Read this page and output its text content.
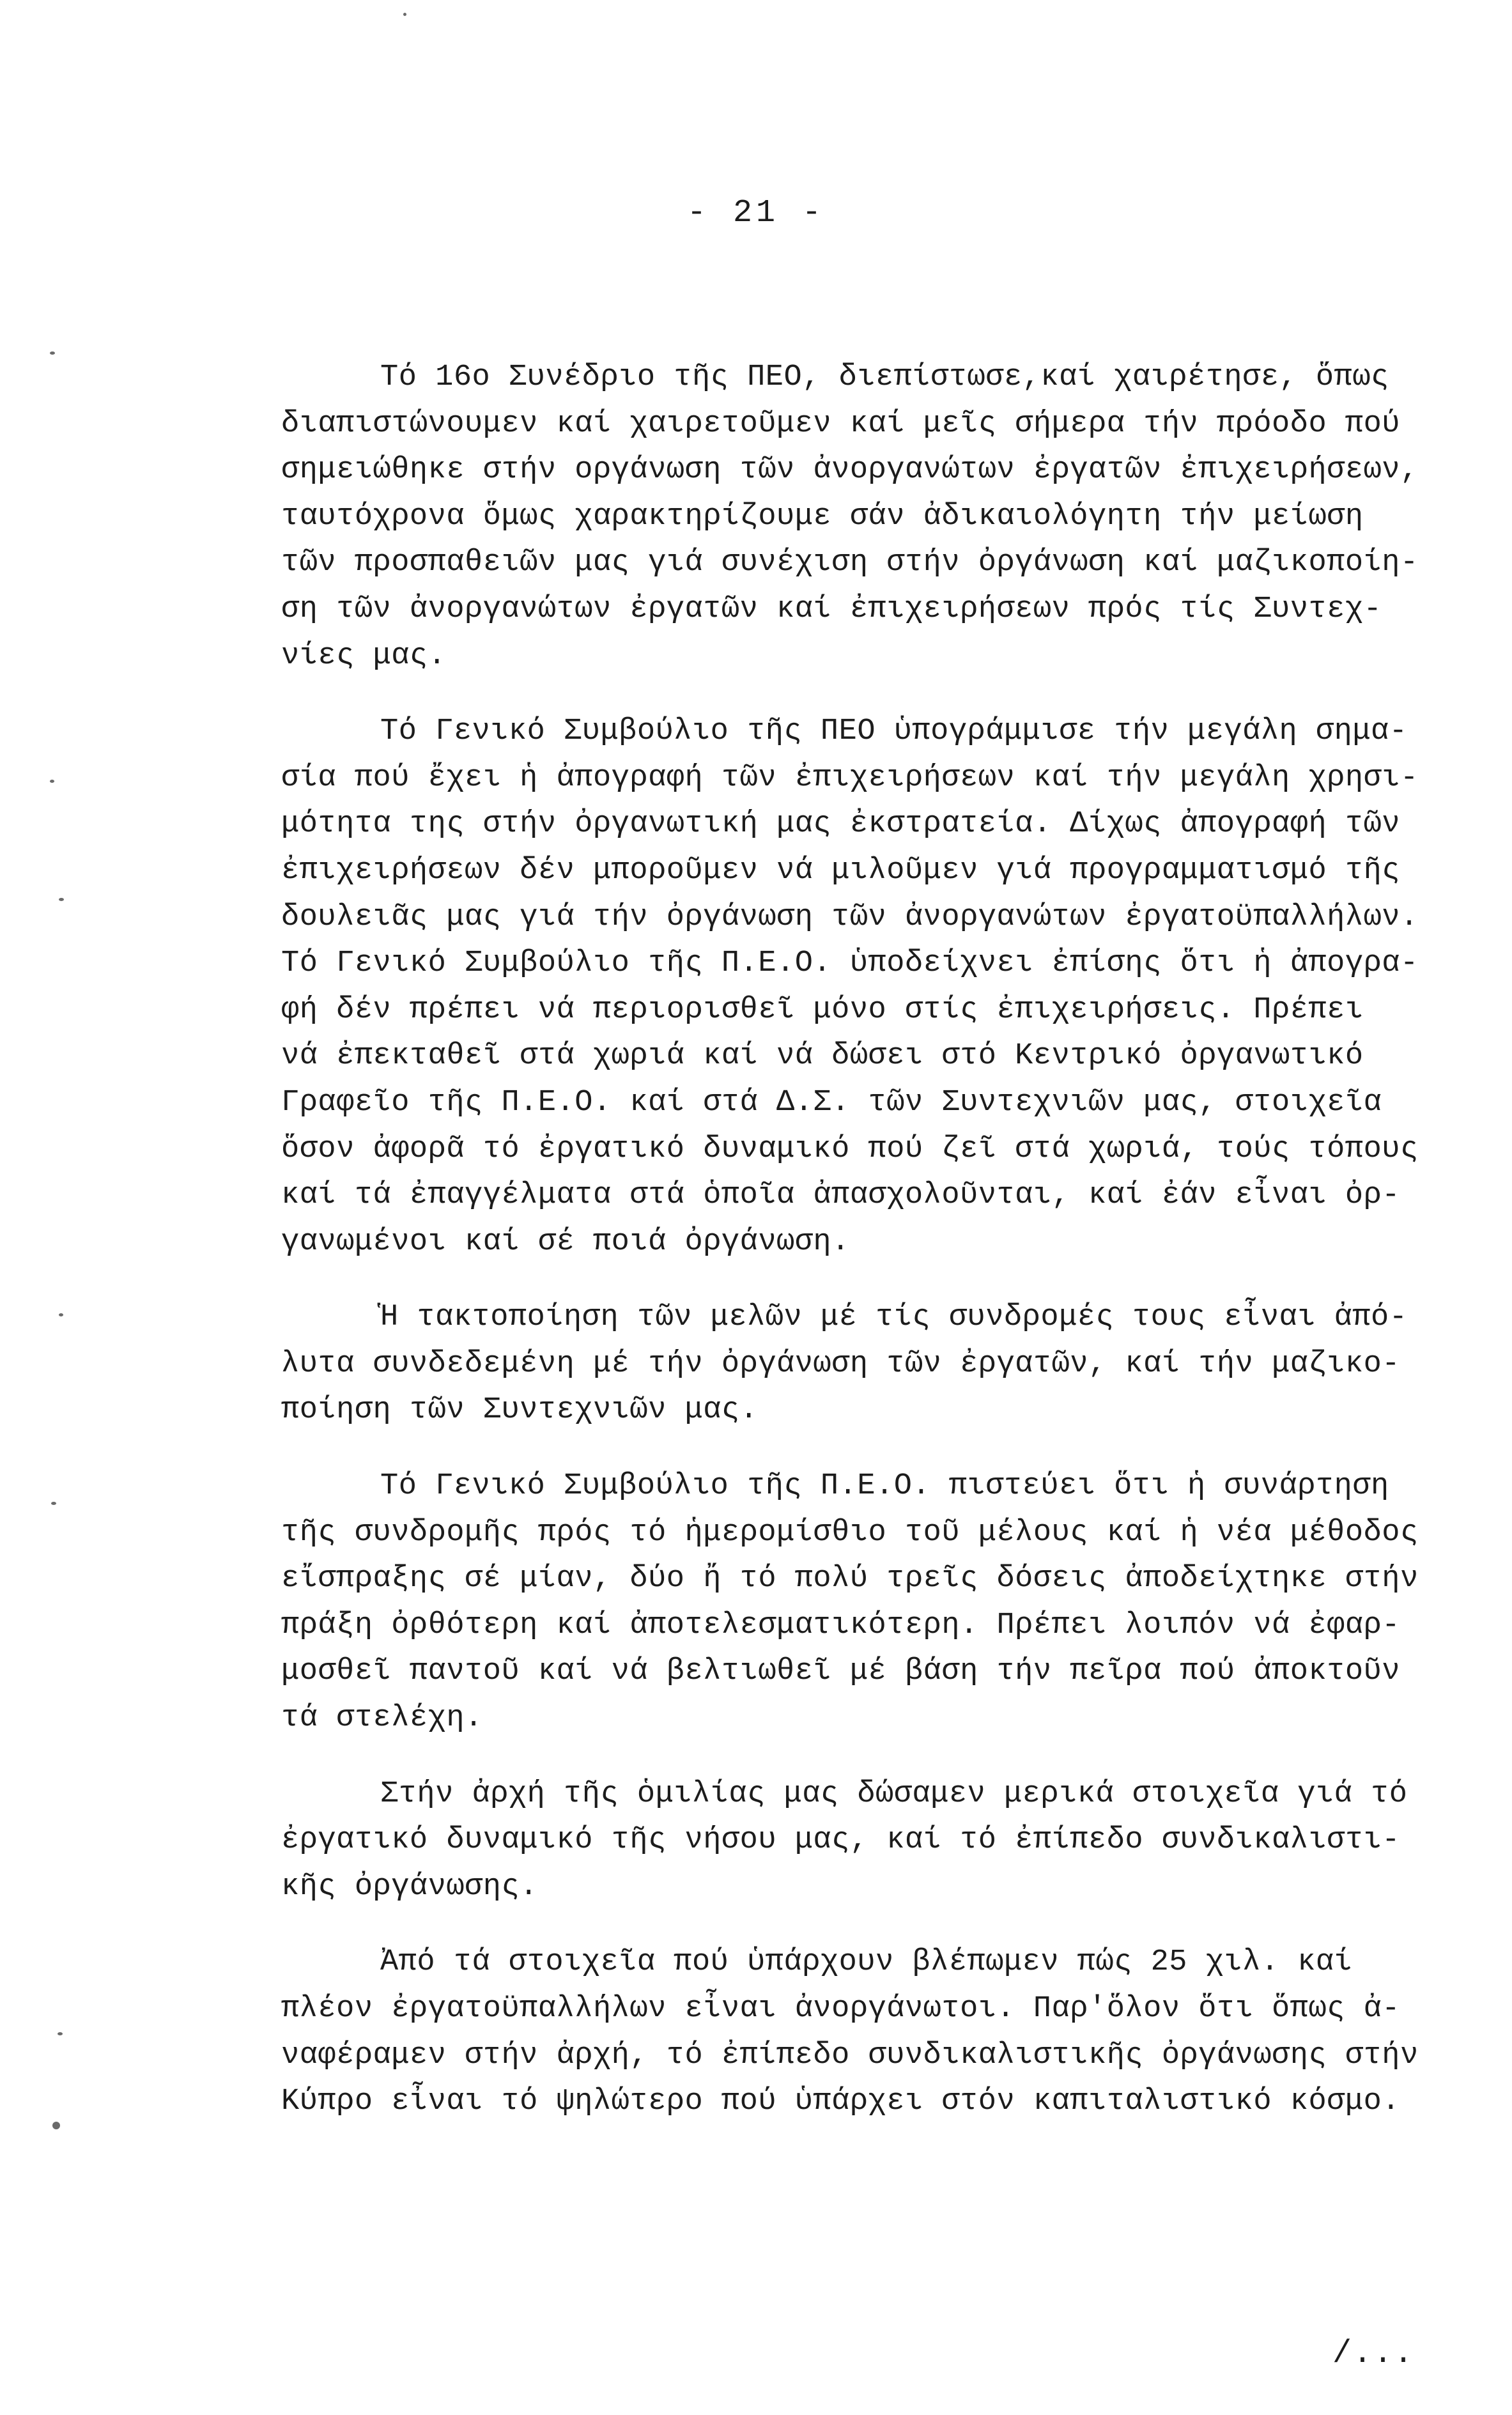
- 21 -
Τό 16ο Συνέδριο τῆς ΠΕΟ, διεπίστωσε,καί χαιρέτησε, ὅπως
διαπιστώνουμεν καί χαιρετοῦμεν καί μεῖς σήμερα τήν πρόοδο πού
σημειώθηκε στήν οργάνωση τῶν ἀνοργανώτων ἐργατῶν ἐπιχειρήσεων,
ταυτόχρονα ὅμως χαρακτηρίζουμε σάν ἀδικαιολόγητη τήν μείωση
τῶν προσπαθειῶν μας γιά συνέχιση στήν ὀργάνωση καί μαζικοποίη-
ση τῶν ἀνοργανώτων ἐργατῶν καί ἐπιχειρήσεων πρός τίς Συντεχ-
νίες μας.
Τό Γενικό Συμβούλιο τῆς ΠΕΟ ὑπογράμμισε τήν μεγάλη σημα-
σία πού ἔχει ἡ ἀπογραφή τῶν ἐπιχειρήσεων καί τήν μεγάλη χρησι-
μότητα της στήν ὀργανωτική μας ἐκστρατεία. Δίχως ἀπογραφή τῶν
ἐπιχειρήσεων δέν μποροῦμεν νά μιλοῦμεν γιά προγραμματισμό τῆς
δουλειᾶς μας γιά τήν ὀργάνωση τῶν ἀνοργανώτων ἐργατοϋπαλλήλων.
Τό Γενικό Συμβούλιο τῆς Π.Ε.Ο. ὑποδείχνει ἐπίσης ὅτι ἡ ἀπογρα-
φή δέν πρέπει νά περιορισθεῖ μόνο στίς ἐπιχειρήσεις. Πρέπει
νά ἐπεκταθεῖ στά χωριά καί νά δώσει στό Κεντρικό ὀργανωτικό
Γραφεῖο τῆς Π.Ε.Ο. καί στά Δ.Σ. τῶν Συντεχνιῶν μας, στοιχεῖα
ὅσον ἀφορᾶ τό ἐργατικό δυναμικό πού ζεῖ στά χωριά, τούς τόπους
καί τά ἐπαγγέλματα στά ὁποῖα ἀπασχολοῦνται, καί ἐάν εἶναι ὀρ-
γανωμένοι καί σέ ποιά ὀργάνωση.
Ἡ τακτοποίηση τῶν μελῶν μέ τίς συνδρομές τους εἶναι ἀπό-
λυτα συνδεδεμένη μέ τήν ὀργάνωση τῶν ἐργατῶν, καί τήν μαζικο-
ποίηση τῶν Συντεχνιῶν μας.
Τό Γενικό Συμβούλιο τῆς Π.Ε.Ο. πιστεύει ὅτι ἡ συνάρτηση
τῆς συνδρομῆς πρός τό ἡμερομίσθιο τοῦ μέλους καί ἡ νέα μέθοδος
εἴσπραξης σέ μίαν, δύο ἤ τό πολύ τρεῖς δόσεις ἀποδείχτηκε στήν
πράξη ὀρθότερη καί ἀποτελεσματικότερη. Πρέπει λοιπόν νά ἐφαρ-
μοσθεῖ παντοῦ καί νά βελτιωθεῖ μέ βάση τήν πεῖρα πού ἀποκτοῦν
τά στελέχη.
Στήν ἀρχή τῆς ὁμιλίας μας δώσαμεν μερικά στοιχεῖα γιά τό
ἐργατικό δυναμικό τῆς νήσου μας, καί τό ἐπίπεδο συνδικαλιστι-
κῆς ὀργάνωσης.
Ἀπό τά στοιχεῖα πού ὑπάρχουν βλέπωμεν πώς 25 χιλ. καί
πλέον ἐργατοϋπαλλήλων εἶναι ἀνοργάνωτοι. Παρ'ὅλον ὅτι ὅπως ἀ-
ναφέραμεν στήν ἀρχή, τό ἐπίπεδο συνδικαλιστικῆς ὀργάνωσης στήν
Κύπρο εἶναι τό ψηλώτερο πού ὑπάρχει στόν καπιταλιστικό κόσμο.
/...
